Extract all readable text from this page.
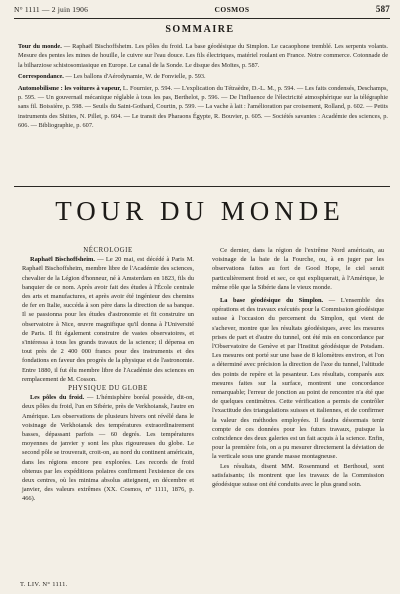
N° 1111 — 2 juin 1906	COSMOS	587
SOMMAIRE

Tour du monde. — Raphaël Bischoffsheim. Les pôles du froid. La base géodésique du Simplon. Le cacaophone tremblé. Les serpents volants. Mesure des pentes les mines de houille, le cuivre sur l'eau douce. Les fils électriques, matériel roulant en France. Notre commerce. Cotonnade de la bilharziose schistosomiasique en Europe. Le canal de la Sonde. Le disque des Moïtes, p. 587.

Correspondance. — Les ballons d'Aérodynamie, W. de Fonvielle, p. 593.

Automobilisme : les voitures à vapeur, L. Fournier, p. 594. — L'explication du Tétraèdre, D.-L. M., p. 594. — Les faits condensés, Deschamps, p. 595. — Un gouvernail mécanique réglable à tous les pas, Berthelot, p. 596. — De l'influence de l'électricité atmosphérique sur la télégraphie sans fil. Boissière, p. 598. — Seuils du Saint-Gothard, Courtin, p. 599. — La vache à lait : l'amélioration par croisement, Rolland, p. 602. — Petits instruments des Shiites, N. Pillet, p. 604. — Le transit des Pharaons Égypte, R. Bouvier, p. 605. — Sociétés savantes : Académie des sciences, p. 606. — Bibliographie, p. 607.

TOUR DU MONDE

NÉCROLOGIE

Raphaël Bischoffsheim. — Le 20 mai, est décédé à Paris M. Raphaël Bischoffsheim, membre libre de l'Académie des sciences, chevalier de la Légion d'honneur, né à Amsterdam en 1823, fils du banquier de ce nom. Après avoir fait des études à l'École centrale des arts et manufactures, et après avoir été ingénieur des chemins de fer en Italie, succéda à son père dans la direction de sa banque. Il se passionna pour les études d'astronomie et fit construire un observatoire à Nice, œuvre magnifique qu'il donna à l'Université de Paris. Il fit également construire de vastes observatoires, et s'intéressa à tous les grands travaux de la science; il dépensa en tout près de 2 400 000 francs pour des instruments et des fondations en faveur des progrès de la physique et de l'astronomie. Entre 1880, il fut élu membre libre de l'Académie des sciences en remplacement de M. Cosson.

PHYSIQUE DU GLOBE

Les pôles du froid. — L'hémisphère boréal possède, dit-on, deux pôles du froid, l'un en Sibérie, près de Verkhoiansk, l'autre en Amérique. Les observations de plusieurs hivers ont révélé dans le voisinage de Verkhoiansk des températures extraordinairement basses, dépassant parfois — 60 degrés. Les températures moyennes de janvier y sont les plus rigoureuses du globe. Le second pôle se trouverait, croit-on, au nord du continent américain, dans les régions encore peu explorées. Les records de froid obtenus par les expéditions polaires confirment l'existence de ces deux centres, où les minima absolus atteignent, en décembre et janvier, des valeurs extrêmes (XX. Cosmos, n° 1111, 1876, p. 466).

Ce dernier, dans la région de l'extrême Nord américain, au voisinage de la baie de la Fourche, ou, à en juger par les observations faites au fort de Good Hope, le ciel serait particulièrement froid et sec, ce qui expliquerait, à l'Amérique, le même rôle que la Sibérie dans le vieux monde.

La base géodésique du Simplon. — L'ensemble des opérations et des travaux exécutés pour la Commission géodésique suisse à l'occasion du percement du Simplon, qui vient de s'achever, montre que les résultats géodésiques, avec les mesures prises de part et d'autre du tunnel, ont été mis en concordance par l'Observatoire de Genève et par l'Institut géodésique de Potsdam. Les mesures ont porté sur une base de 8 kilomètres environ, et l'on a déterminé avec précision la direction de l'axe du tunnel, l'altitude des points de repère et la pesanteur. Les résultats, comparés aux mesures faites sur la surface, montrent une concordance remarquable; l'erreur de jonction au point de rencontre n'a été que de quelques centimètres. Cette vérification a permis de contrôler l'exactitude des triangulations suisses et italiennes, et de confirmer la valeur des méthodes employées. Il faudra désormais tenir compte de ces données pour les futurs travaux, puisque la coïncidence des deux galeries est un fait acquis à la science. Enfin, pour la première fois, on a pu mesurer directement la déviation de la verticale sous une grande masse montagneuse.

Les résultats, disent MM. Rosenmund et Berthoud, sont satisfaisants; ils montrent que les travaux de la Commission géodésique suisse ont été conduits avec le plus grand soin.

T. LIV. N° 1111.
